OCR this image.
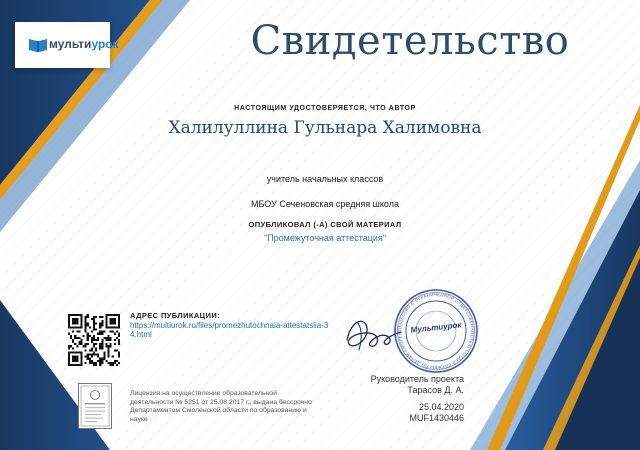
мультиурок	Свидетельство
НАСТОЯЩИМ УДОСТОВЕРЯЕТСЯ, ЧТО АВТОР
Халилуллина Гульнара Халимовна
учитель начальных классов
МБОУ Сеченовская средняя школа
ОПУБЛИКОВАЛ (-А) СВОЙ МАТЕРИАЛ
"Промежуточная аттестация"
АДРЕС ПУБЛИКАЦИИ:
https://multiurok.ru/files/promezhutochnaia-attestatsiia-34.html
Лицензия на осуществление образовательной деятельности № 5251 от 25.08.2017 г., выдана бессрочно Департаментом Смоленской области по образованию и науке
ОБЩЕСТВО С ОГРАНИЧЕННОЙ ОТВЕТСТВЕННОСТЬЮ • ОТДЕЛ СЛУЖБЫ ПО ДЕЛАМ СМОЛЕН	Мультиурок
Руководитель проекта
Тарасов Д. А.
25.04.2020
MUF1430446
